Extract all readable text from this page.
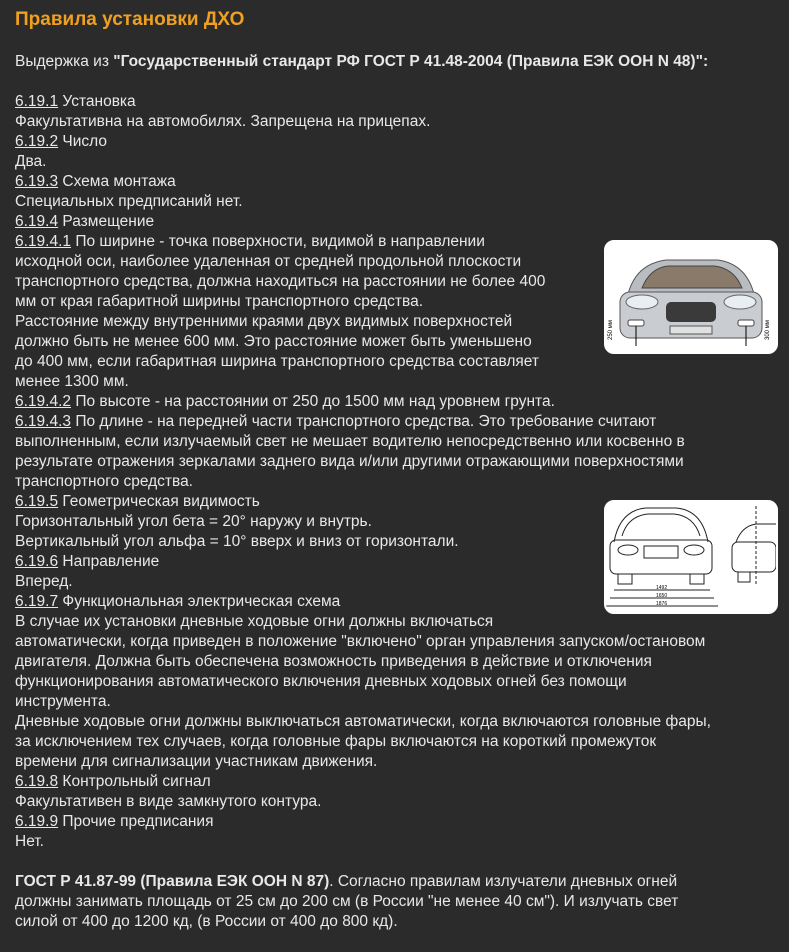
Правила установки ДХО
Выдержка из "Государственный стандарт РФ ГОСТ Р 41.48-2004 (Правила ЕЭК ООН N 48)":
6.19.1 Установка
Факультативна на автомобилях. Запрещена на прицепах.
6.19.2 Число
Два.
6.19.3 Схема монтажа
Специальных предписаний нет.
6.19.4 Размещение
6.19.4.1 По ширине - точка поверхности, видимой в направлении
исходной оси, наиболее удаленная от средней продольной плоскости
транспортного средства, должна находиться на расстоянии не более 400
мм от края габаритной ширины транспортного средства.
Расстояние между внутренними краями двух видимых поверхностей
должно быть не менее 600 мм. Это расстояние может быть уменьшено
до 400 мм, если габаритная ширина транспортного средства составляет
менее 1300 мм.
6.19.4.2 По высоте - на расстоянии от 250 до 1500 мм над уровнем грунта.
6.19.4.3 По длине - на передней части транспортного средства. Это требование считают
выполненным, если излучаемый свет не мешает водителю непосредственно или косвенно в
результате отражения зеркалами заднего вида и/или другими отражающими поверхностями
транспортного средства.
6.19.5 Геометрическая видимость
Горизонтальный угол бета = 20° наружу и внутрь.
Вертикальный угол альфа = 10° вверх и вниз от горизонтали.
6.19.6 Направление
Вперед.
6.19.7 Функциональная электрическая схема
В случае их установки дневные ходовые огни должны включаться
автоматически, когда приведен в положение "включено" орган управления запуском/остановом
двигателя. Должна быть обеспечена возможность приведения в действие и отключения
функционирования автоматического включения дневных ходовых огней без помощи
инструмента.
Дневные ходовые огни должны выключаться автоматически, когда включаются головные фары,
за исключением тех случаев, когда головные фары включаются на короткий промежуток
времени для сигнализации участникам движения.
6.19.8 Контрольный сигнал
Факультативен в виде замкнутого контура.
6.19.9 Прочие предписания
Нет.
ГОСТ Р 41.87-99 (Правила ЕЭК ООН N 87). Согласно правилам излучатели дневных огней
должны занимать площадь от 25 см до 200 см (в России "не менее 40 см"). И излучать свет
силой от 400 до 1200 кд, (в России от 400 до 800 кд).
250 мм	300 мм
1492
1650
1876
